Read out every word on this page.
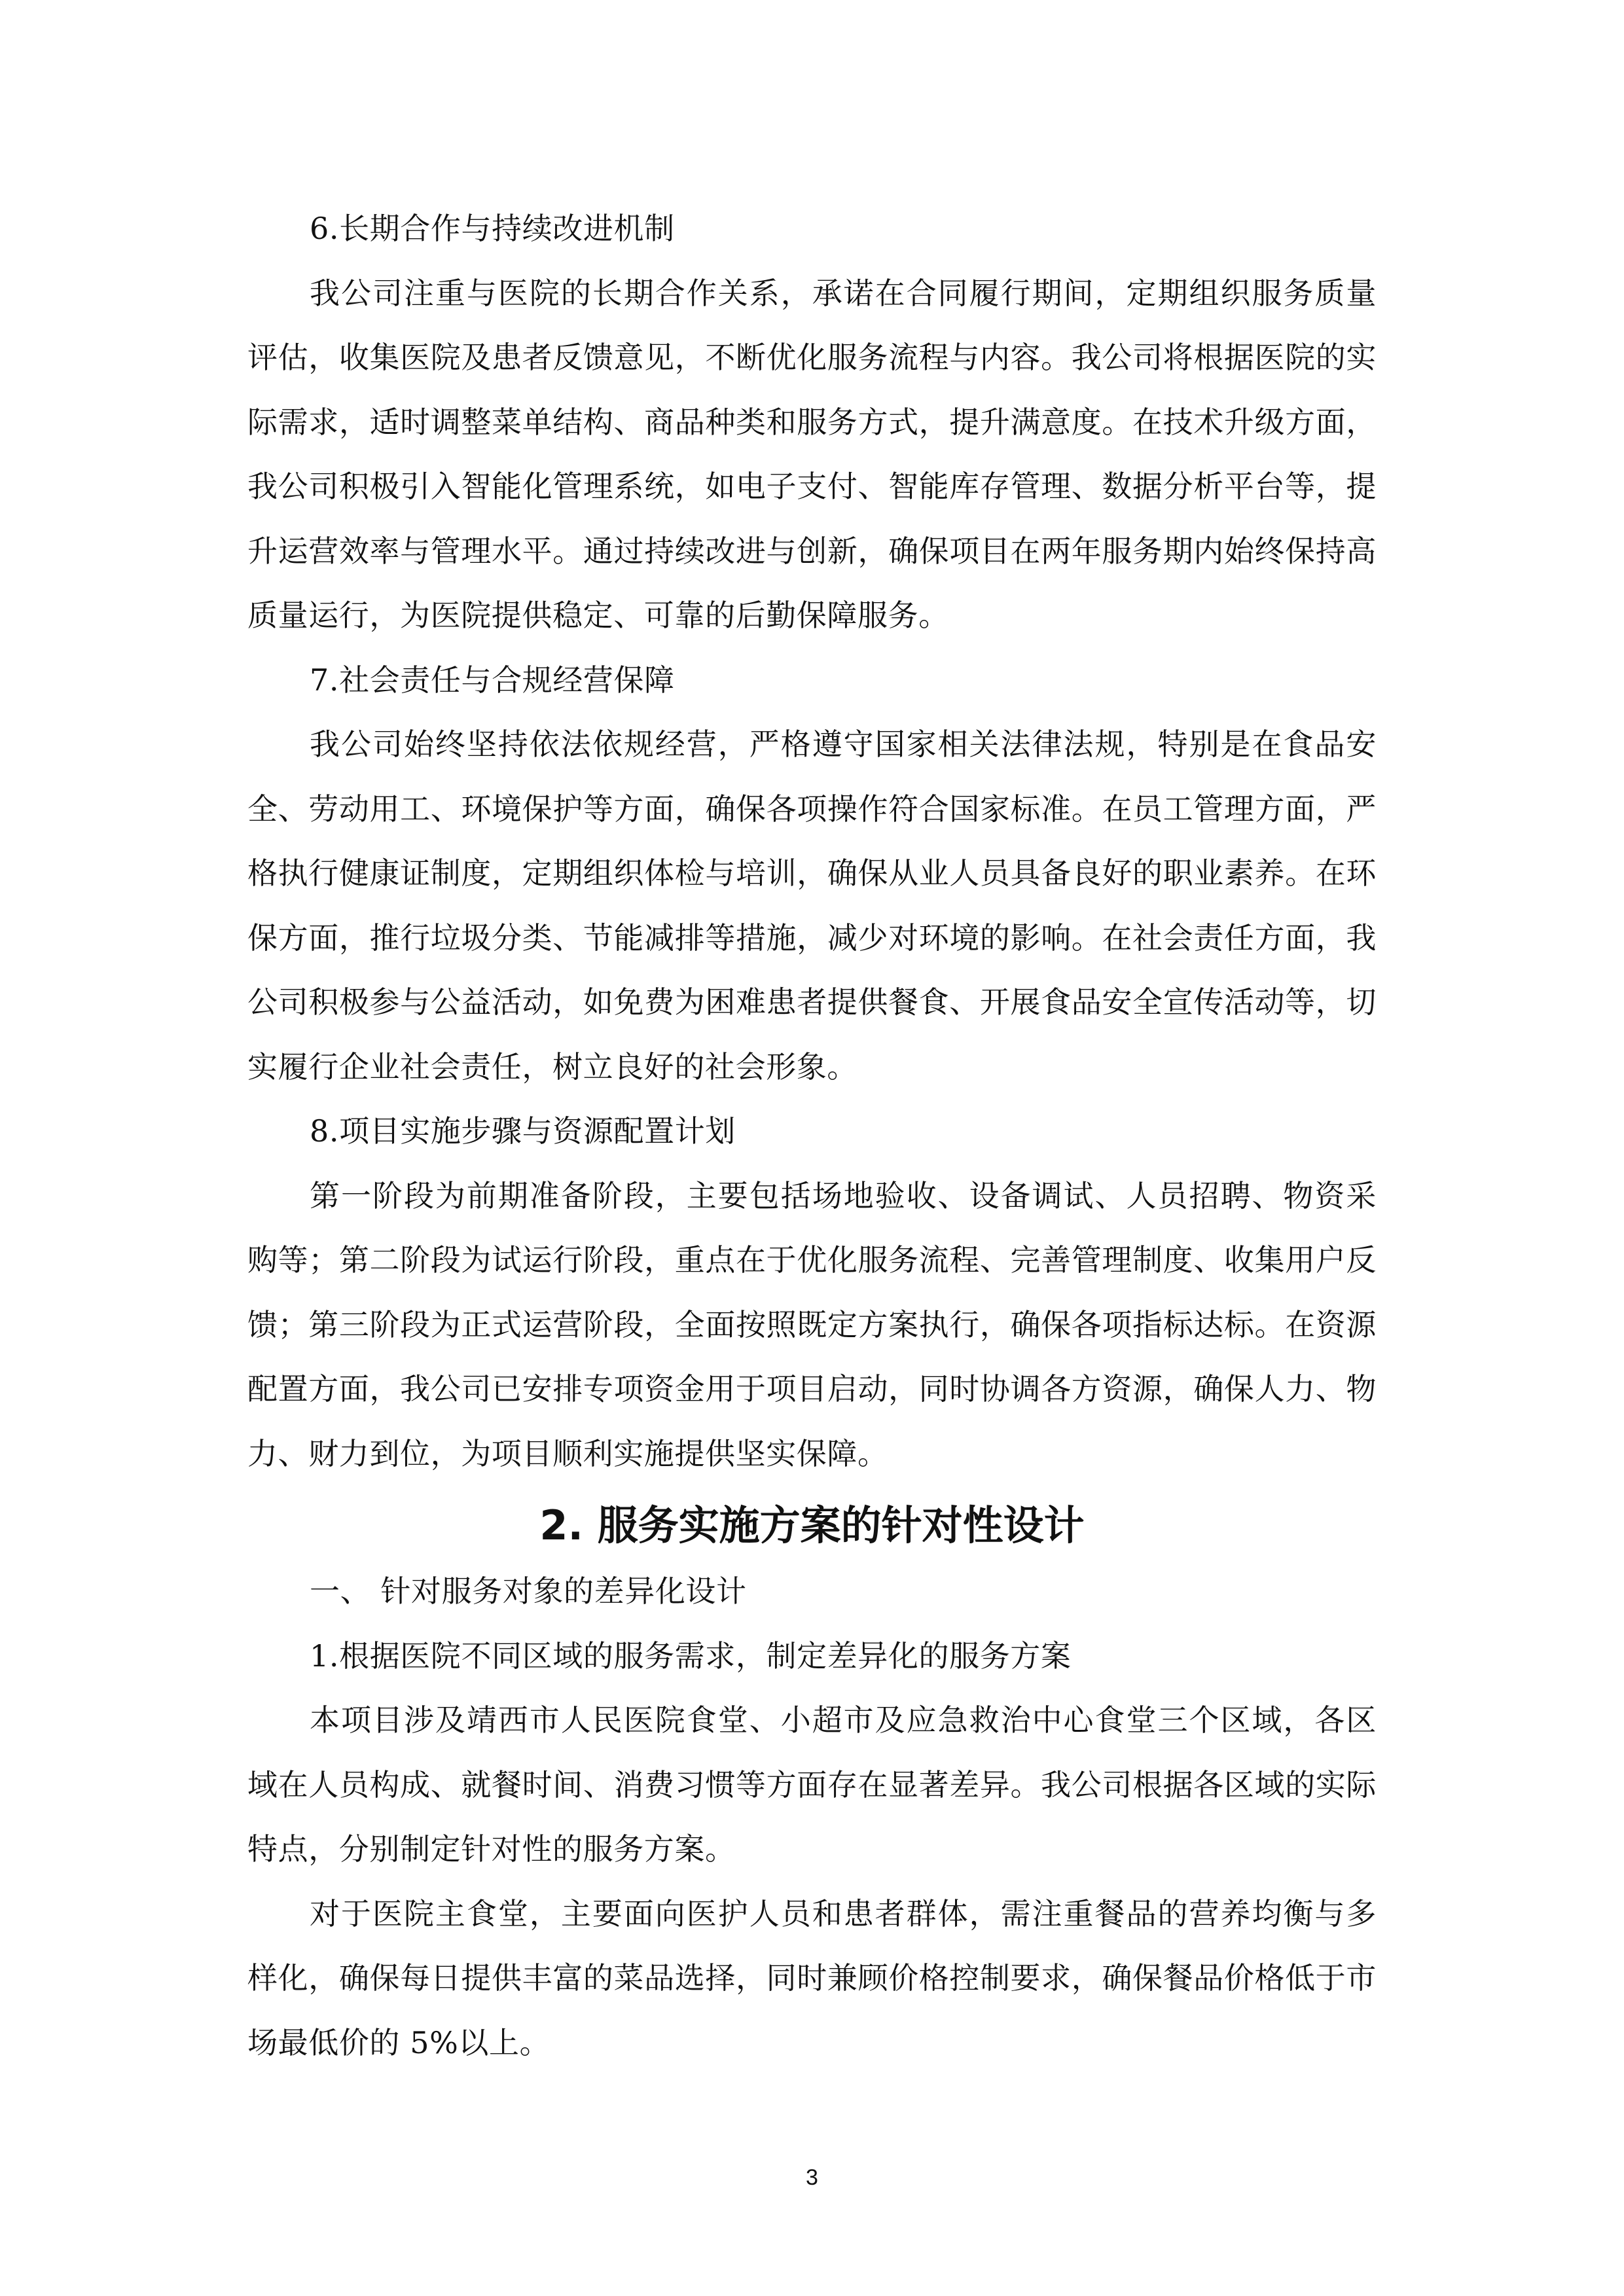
6.长期合作与持续改进机制

我公司注重与医院的长期合作关系，承诺在合同履行期间，定期组织服务质量评估，收集医院及患者反馈意见，不断优化服务流程与内容。我公司将根据医院的实际需求，适时调整菜单结构、商品种类和服务方式，提升满意度。在技术升级方面，我公司积极引入智能化管理系统，如电子支付、智能库存管理、数据分析平台等，提升运营效率与管理水平。通过持续改进与创新，确保项目在两年服务期内始终保持高质量运行，为医院提供稳定、可靠的后勤保障服务。

7.社会责任与合规经营保障

我公司始终坚持依法依规经营，严格遵守国家相关法律法规，特别是在食品安全、劳动用工、环境保护等方面，确保各项操作符合国家标准。在员工管理方面，严格执行健康证制度，定期组织体检与培训，确保从业人员具备良好的职业素养。在环保方面，推行垃圾分类、节能减排等措施，减少对环境的影响。在社会责任方面，我公司积极参与公益活动，如免费为困难患者提供餐食、开展食品安全宣传活动等，切实履行企业社会责任，树立良好的社会形象。

8.项目实施步骤与资源配置计划

第一阶段为前期准备阶段，主要包括场地验收、设备调试、人员招聘、物资采购等；第二阶段为试运行阶段，重点在于优化服务流程、完善管理制度、收集用户反馈；第三阶段为正式运营阶段，全面按照既定方案执行，确保各项指标达标。在资源配置方面，我公司已安排专项资金用于项目启动，同时协调各方资源，确保人力、物力、财力到位，为项目顺利实施提供坚实保障。

2. 服务实施方案的针对性设计

一、 针对服务对象的差异化设计

1.根据医院不同区域的服务需求，制定差异化的服务方案

本项目涉及靖西市人民医院食堂、小超市及应急救治中心食堂三个区域，各区域在人员构成、就餐时间、消费习惯等方面存在显著差异。我公司根据各区域的实际特点，分别制定针对性的服务方案。

对于医院主食堂，主要面向医护人员和患者群体，需注重餐品的营养均衡与多样化，确保每日提供丰富的菜品选择，同时兼顾价格控制要求，确保餐品价格低于市场最低价的 5%以上。

3
